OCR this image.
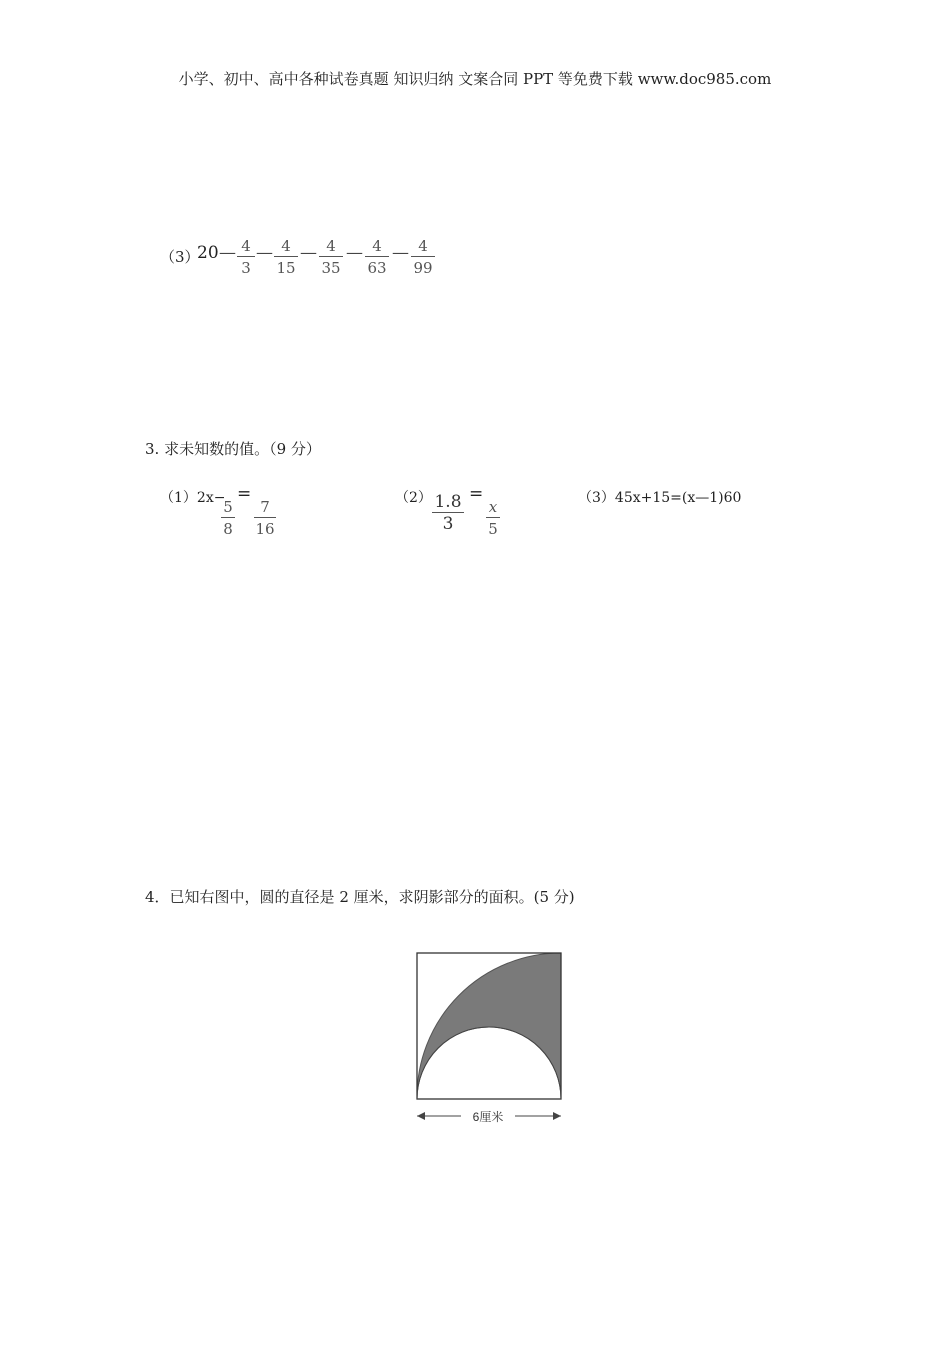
小学、初中、高中各种试卷真题 知识归纳 文案合同 PPT 等免费下载 www.doc985.com
（3）
20 — 4
3
— 4
15
— 4
35
— 4
63
— 4
99
3. 求未知数的值。（9 分）
（1）2x−
5
8
=
7
16
（2） 1.8
3
=
x
5
（3）45x+15=(x—1)60
4．已知右图中，圆的直径是 2 厘米，求阴影部分的面积。(5 分)
6厘米
